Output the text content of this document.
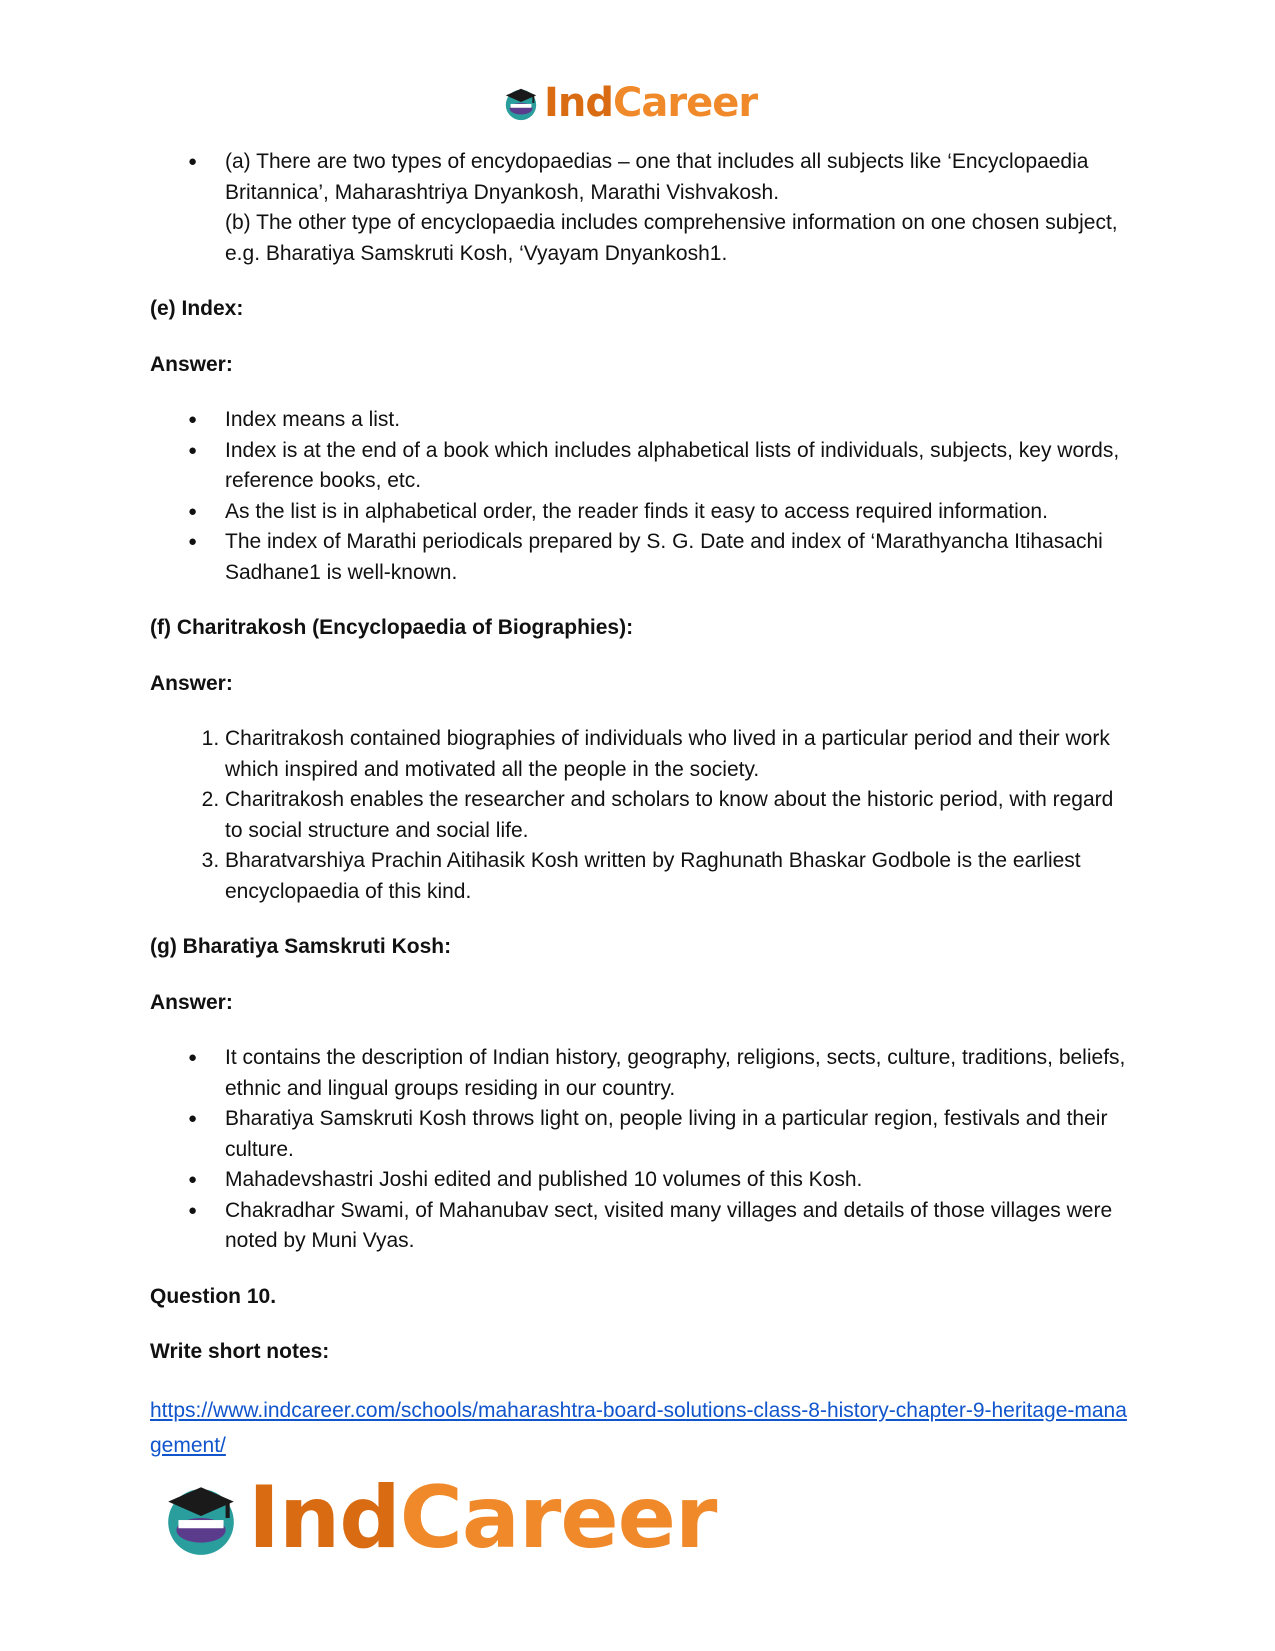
IndCareer
● (a) There are two types of encydopaedias – one that includes all subjects like ‘Encyclopaedia Britannica’, Maharashtriya Dnyankosh, Marathi Vishvakosh.
(b) The other type of encyclopaedia includes comprehensive information on one chosen subject, e.g. Bharatiya Samskruti Kosh, ‘Vyayam Dnyankosh1.

(e) Index:

Answer:

● Index means a list.
● Index is at the end of a book which includes alphabetical lists of individuals, subjects, key words, reference books, etc.
● As the list is in alphabetical order, the reader finds it easy to access required information.
● The index of Marathi periodicals prepared by S. G. Date and index of ‘Marathyancha Itihasachi Sadhane1 is well-known.

(f) Charitrakosh (Encyclopaedia of Biographies):

Answer:

1. Charitrakosh contained biographies of individuals who lived in a particular period and their work which inspired and motivated all the people in the society.
2. Charitrakosh enables the researcher and scholars to know about the historic period, with regard to social structure and social life.
3. Bharatvarshiya Prachin Aitihasik Kosh written by Raghunath Bhaskar Godbole is the earliest encyclopaedia of this kind.

(g) Bharatiya Samskruti Kosh:

Answer:

● It contains the description of Indian history, geography, religions, sects, culture, traditions, beliefs, ethnic and lingual groups residing in our country.
● Bharatiya Samskruti Kosh throws light on, people living in a particular region, festivals and their culture.
● Mahadevshastri Joshi edited and published 10 volumes of this Kosh.
● Chakradhar Swami, of Mahanubav sect, visited many villages and details of those villages were noted by Muni Vyas.

Question 10.

Write short notes:

https://www.indcareer.com/schools/maharashtra-board-solutions-class-8-history-chapter-9-heritage-management/
IndCareer
